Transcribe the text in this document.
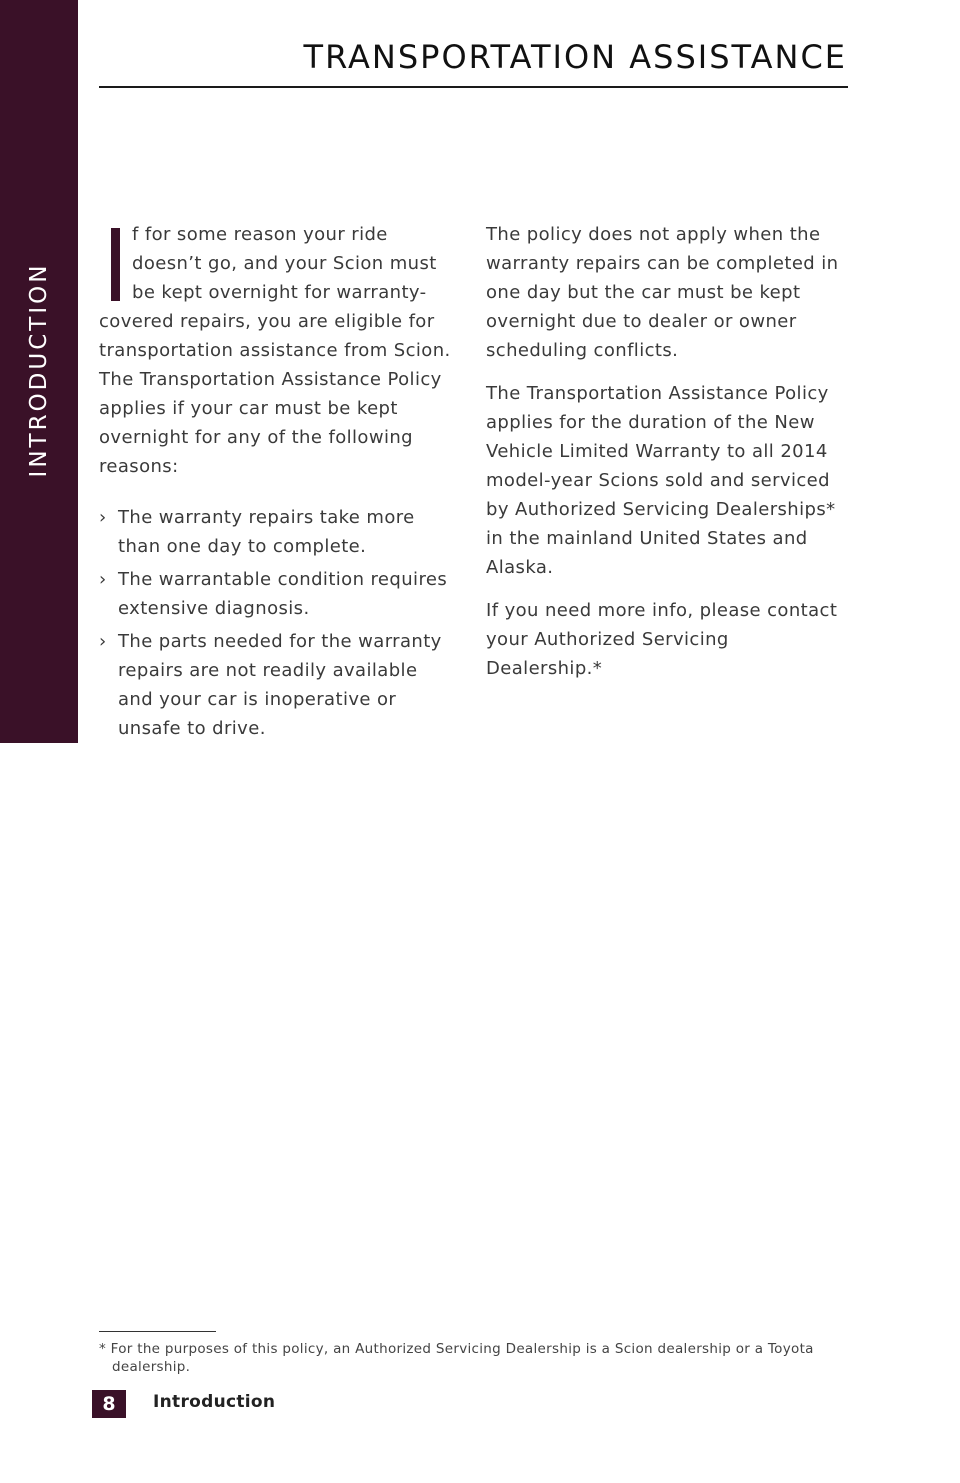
INTRODUCTION
TRANSPORTATION ASSISTANCE

f for some reason your ride doesn’t go, and your Scion must be kept overnight for warranty-covered repairs, you are eligible for transportation assistance from Scion. The Transportation Assistance Policy applies if your car must be kept overnight for any of the following reasons:

› The warranty repairs take more than one day to complete.
› The warrantable condition requires extensive diagnosis.
› The parts needed for the warranty repairs are not readily available and your car is inoperative or unsafe to drive.

The policy does not apply when the warranty repairs can be completed in one day but the car must be kept overnight due to dealer or owner scheduling conflicts.

The Transportation Assistance Policy applies for the duration of the New Vehicle Limited Warranty to all 2014 model-year Scions sold and serviced by Authorized Servicing Dealerships* in the mainland United States and Alaska.

If you need more info, please contact your Authorized Servicing Dealership.*

* For the purposes of this policy, an Authorized Servicing Dealership is a Scion dealership or a Toyota dealership.
8	Introduction
